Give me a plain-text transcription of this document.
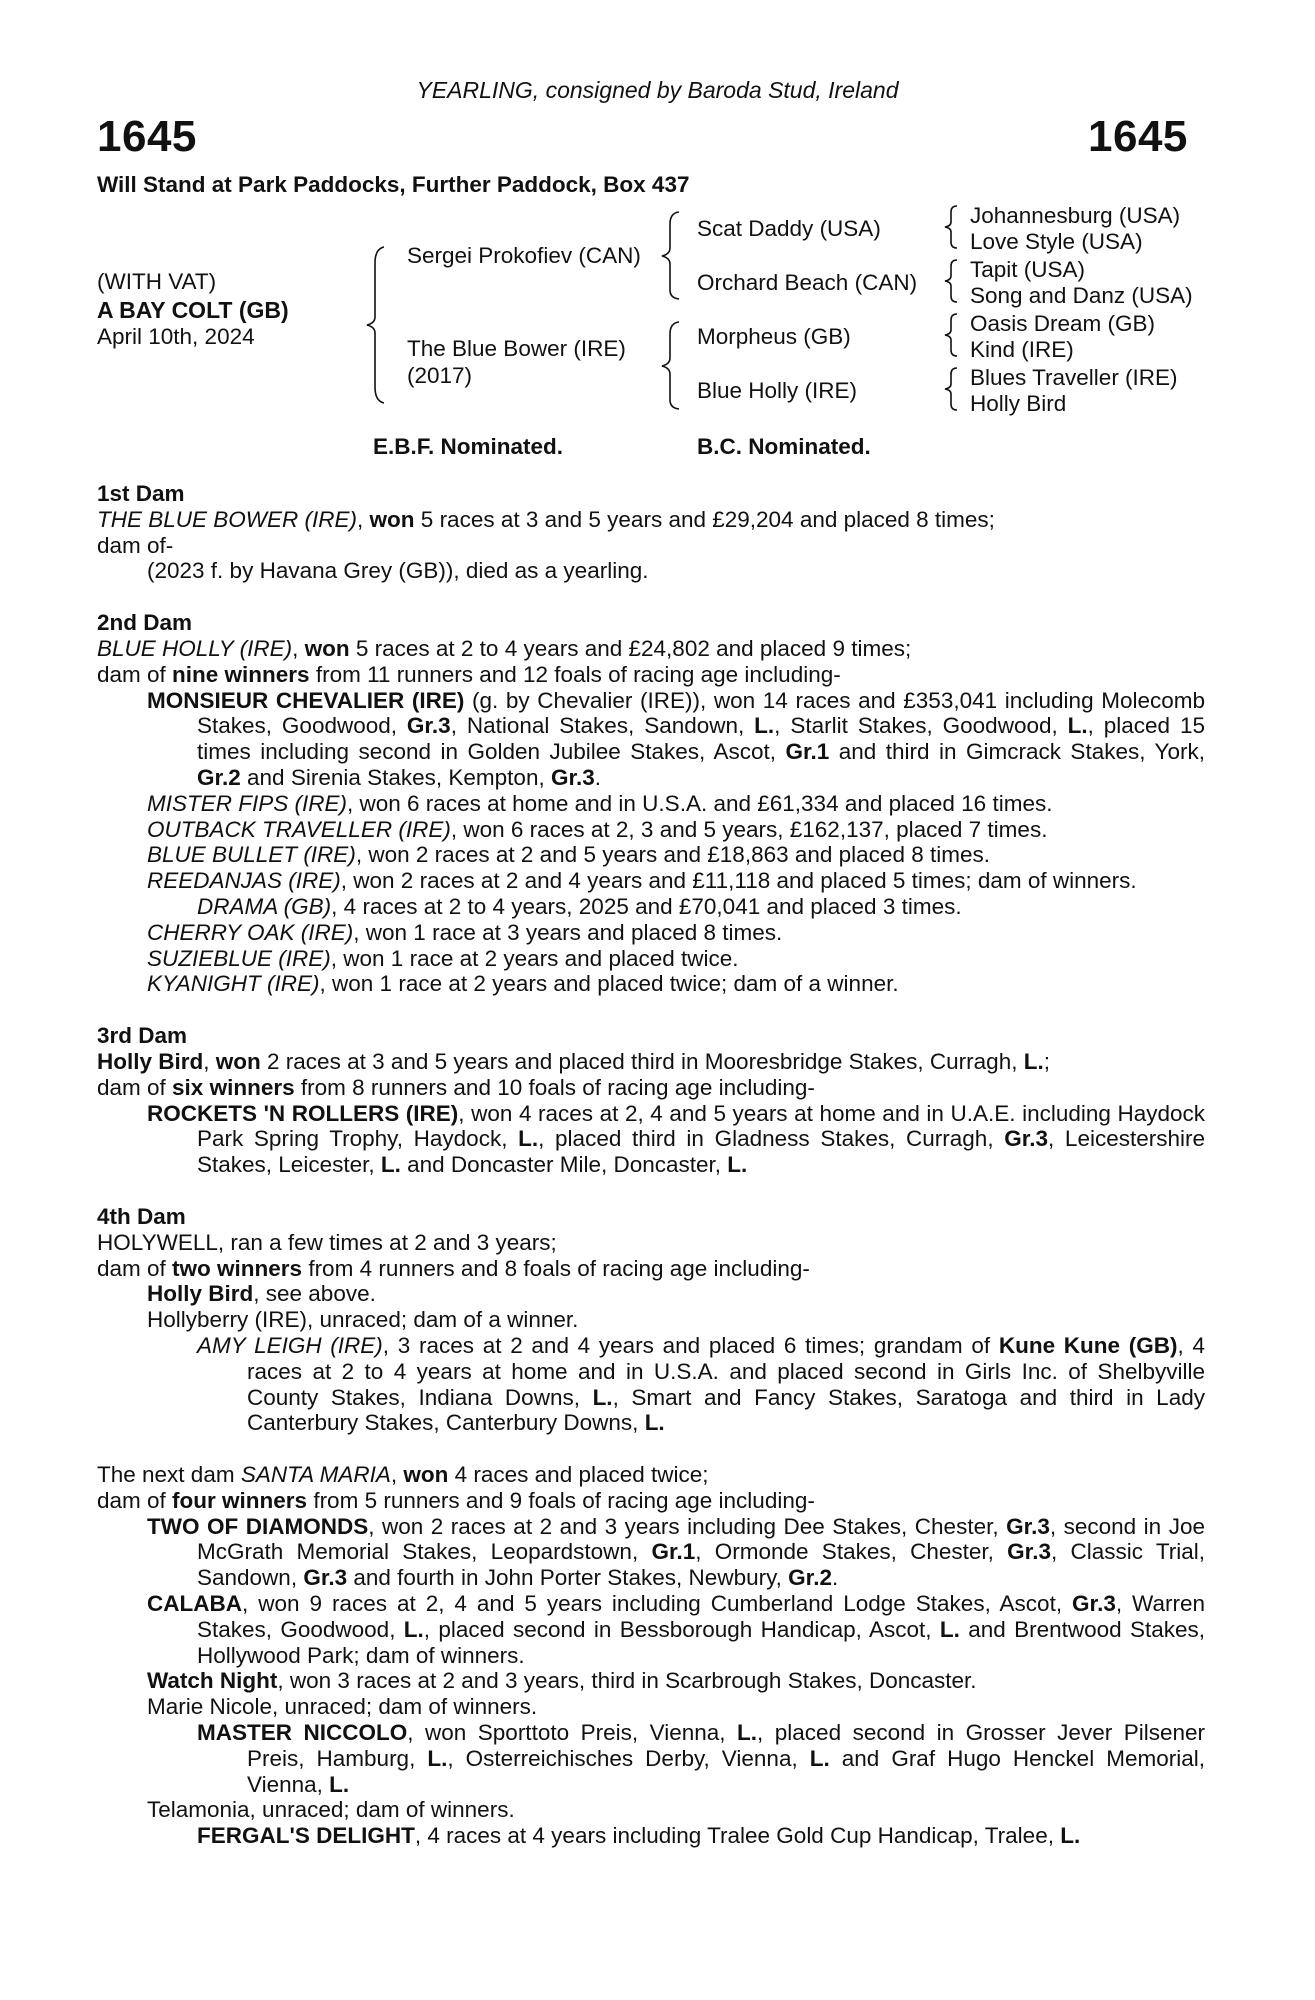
YEARLING, consigned by Baroda Stud, Ireland
1645	1645
Will Stand at Park Paddocks, Further Paddock, Box 437
(WITH VAT)
A BAY COLT (GB)
April 10th, 2024
Sergei Prokofiev (CAN)
The Blue Bower (IRE)
(2017)
Scat Daddy (USA)
Orchard Beach (CAN)
Morpheus (GB)
Blue Holly (IRE)
Johannesburg (USA)
Love Style (USA)
Tapit (USA)
Song and Danz (USA)
Oasis Dream (GB)
Kind (IRE)
Blues Traveller (IRE)
Holly Bird
E.B.F. Nominated.	B.C. Nominated.

1st Dam

THE BLUE BOWER (IRE), won 5 races at 3 and 5 years and £29,204 and placed 8 times;

dam of-

(2023 f. by Havana Grey (GB)), died as a yearling.

2nd Dam

BLUE HOLLY (IRE), won 5 races at 2 to 4 years and £24,802 and placed 9 times;

dam of nine winners from 11 runners and 12 foals of racing age including-

MONSIEUR CHEVALIER (IRE) (g. by Chevalier (IRE)), won 14 races and £353,041 including Molecomb Stakes, Goodwood, Gr.3, National Stakes, Sandown, L., Starlit Stakes, Goodwood, L., placed 15 times including second in Golden Jubilee Stakes, Ascot, Gr.1 and third in Gimcrack Stakes, York, Gr.2 and Sirenia Stakes, Kempton, Gr.3.

MISTER FIPS (IRE), won 6 races at home and in U.S.A. and £61,334 and placed 16 times.

OUTBACK TRAVELLER (IRE), won 6 races at 2, 3 and 5 years, £162,137, placed 7 times.

BLUE BULLET (IRE), won 2 races at 2 and 5 years and £18,863 and placed 8 times.

REEDANJAS (IRE), won 2 races at 2 and 4 years and £11,118 and placed 5 times; dam of winners.

DRAMA (GB), 4 races at 2 to 4 years, 2025 and £70,041 and placed 3 times.

CHERRY OAK (IRE), won 1 race at 3 years and placed 8 times.

SUZIEBLUE (IRE), won 1 race at 2 years and placed twice.

KYANIGHT (IRE), won 1 race at 2 years and placed twice; dam of a winner.

3rd Dam

Holly Bird, won 2 races at 3 and 5 years and placed third in Mooresbridge Stakes, Curragh, L.;

dam of six winners from 8 runners and 10 foals of racing age including-

ROCKETS 'N ROLLERS (IRE), won 4 races at 2, 4 and 5 years at home and in U.A.E. including Haydock Park Spring Trophy, Haydock, L., placed third in Gladness Stakes, Curragh, Gr.3, Leicestershire Stakes, Leicester, L. and Doncaster Mile, Doncaster, L.

4th Dam

HOLYWELL, ran a few times at 2 and 3 years;

dam of two winners from 4 runners and 8 foals of racing age including-

Holly Bird, see above.

Hollyberry (IRE), unraced; dam of a winner.

AMY LEIGH (IRE), 3 races at 2 and 4 years and placed 6 times; grandam of Kune Kune (GB), 4 races at 2 to 4 years at home and in U.S.A. and placed second in Girls Inc. of Shelbyville County Stakes, Indiana Downs, L., Smart and Fancy Stakes, Saratoga and third in Lady Canterbury Stakes, Canterbury Downs, L.

The next dam SANTA MARIA, won 4 races and placed twice;

dam of four winners from 5 runners and 9 foals of racing age including-

TWO OF DIAMONDS, won 2 races at 2 and 3 years including Dee Stakes, Chester, Gr.3, second in Joe McGrath Memorial Stakes, Leopardstown, Gr.1, Ormonde Stakes, Chester, Gr.3, Classic Trial, Sandown, Gr.3 and fourth in John Porter Stakes, Newbury, Gr.2.

CALABA, won 9 races at 2, 4 and 5 years including Cumberland Lodge Stakes, Ascot, Gr.3, Warren Stakes, Goodwood, L., placed second in Bessborough Handicap, Ascot, L. and Brentwood Stakes, Hollywood Park; dam of winners.

Watch Night, won 3 races at 2 and 3 years, third in Scarbrough Stakes, Doncaster.

Marie Nicole, unraced; dam of winners.

MASTER NICCOLO, won Sporttoto Preis, Vienna, L., placed second in Grosser Jever Pilsener Preis, Hamburg, L., Osterreichisches Derby, Vienna, L. and Graf Hugo Henckel Memorial, Vienna, L.

Telamonia, unraced; dam of winners.

FERGAL'S DELIGHT, 4 races at 4 years including Tralee Gold Cup Handicap, Tralee, L.
